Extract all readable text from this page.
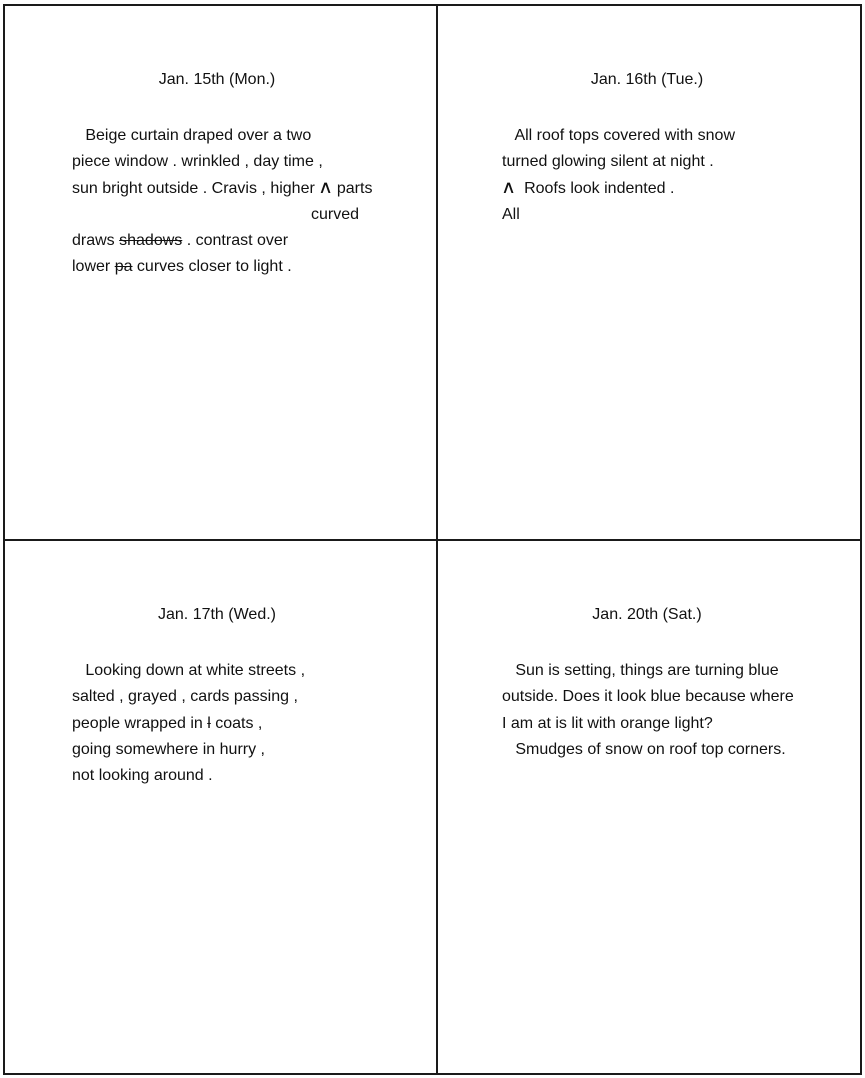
Jan. 15th (Mon.)
Beige curtain draped over a two
piece window . wrinkled , day time ,
sun bright outside . Cravis , higher ∧ parts
curved
draws shadows . contrast over
lower pa curves closer to light .
Jan. 16th (Tue.)
All roof tops covered with snow
turned glowing silent at night .
∧  Roofs look indented .
All
Jan. 17th (Wed.)
Looking down at white streets ,
salted , grayed , cards passing ,
people wrapped in l coats ,
going somewhere in hurry ,
not looking around .
Jan. 20th (Sat.)
Sun is setting, things are turning blue
outside. Does it look blue because where
I am at is lit with orange light?
Smudges of snow on roof top corners.
